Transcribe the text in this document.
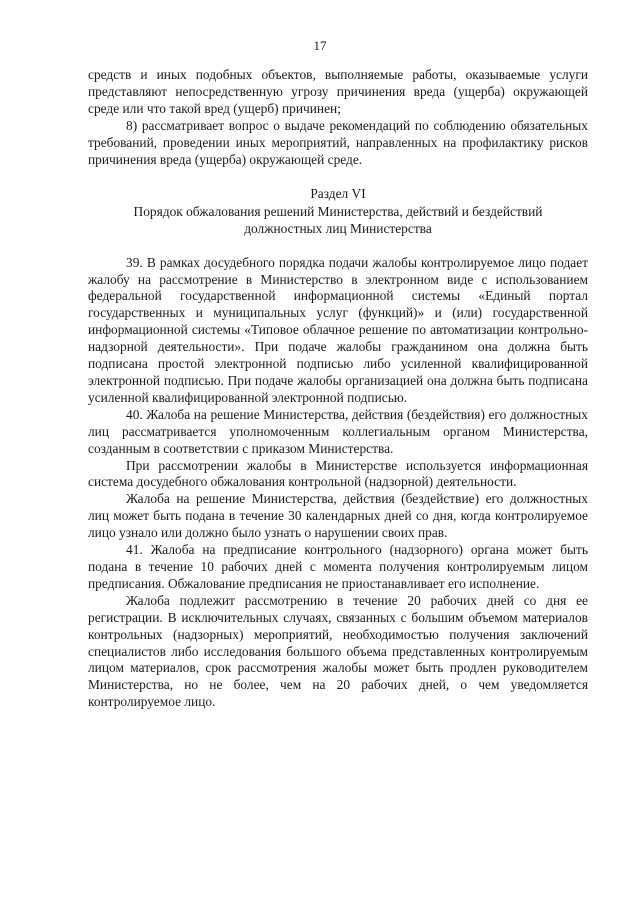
17

средств и иных подобных объектов, выполняемые работы, оказываемые услуги представляют непосредственную угрозу причинения вреда (ущерба) окружающей среде или что такой вред (ущерб) причинен;

8) рассматривает вопрос о выдаче рекомендаций по соблюдению обязательных требований, проведении иных мероприятий, направленных на профилактику рисков причинения вреда (ущерба) окружающей среде.

Раздел VI
Порядок обжалования решений Министерства, действий и бездействий
должностных лиц Министерства

39. В рамках досудебного порядка подачи жалобы контролируемое лицо подает жалобу на рассмотрение в Министерство в электронном виде с использованием федеральной государственной информационной системы «Единый портал государственных и муниципальных услуг (функций)» и (или) государственной информационной системы «Типовое облачное решение по автоматизации контрольно-надзорной деятельности». При подаче жалобы гражданином она должна быть подписана простой электронной подписью либо усиленной квалифицированной электронной подписью. При подаче жалобы организацией она должна быть подписана усиленной квалифицированной электронной подписью.

40. Жалоба на решение Министерства, действия (бездействия) его должностных лиц рассматривается уполномоченным коллегиальным органом Министерства, созданным в соответствии с приказом Министерства.

При рассмотрении жалобы в Министерстве используется информационная система досудебного обжалования контрольной (надзорной) деятельности.

Жалоба на решение Министерства, действия (бездействие) его должностных лиц может быть подана в течение 30 календарных дней со дня, когда контролируемое лицо узнало или должно было узнать о нарушении своих прав.

41. Жалоба на предписание контрольного (надзорного) органа может быть подана в течение 10 рабочих дней с момента получения контролируемым лицом предписания. Обжалование предписания не приостанавливает его исполнение.

Жалоба подлежит рассмотрению в течение 20 рабочих дней со дня ее регистрации. В исключительных случаях, связанных с большим объемом материалов контрольных (надзорных) мероприятий, необходимостью получения заключений специалистов либо исследования большого объема представленных контролируемым лицом материалов, срок рассмотрения жалобы может быть продлен руководителем Министерства, но не более, чем на 20 рабочих дней, о чем уведомляется контролируемое лицо.
